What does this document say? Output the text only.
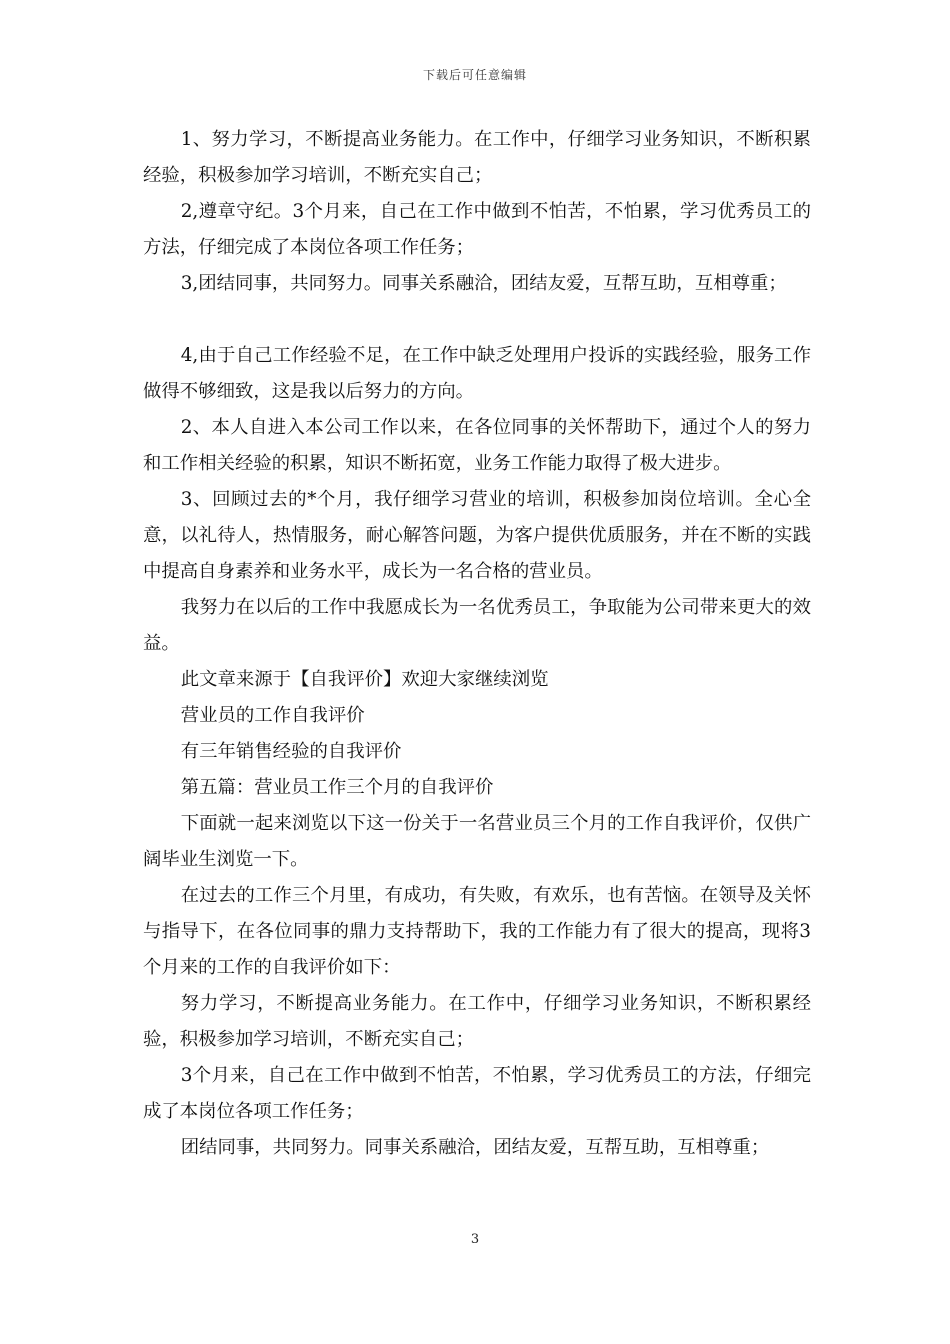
下载后可任意编辑

1、努力学习，不断提高业务能力。在工作中，仔细学习业务知识，不断积累经验，积极参加学习培训，不断充实自己；

2,遵章守纪。3个月来，自己在工作中做到不怕苦，不怕累，学习优秀员工的方法，仔细完成了本岗位各项工作任务；

3,团结同事，共同努力。同事关系融洽，团结友爱，互帮互助，互相尊重；

4,由于自己工作经验不足，在工作中缺乏处理用户投诉的实践经验，服务工作做得不够细致，这是我以后努力的方向。

2、本人自进入本公司工作以来，在各位同事的关怀帮助下，通过个人的努力和工作相关经验的积累，知识不断拓宽，业务工作能力取得了极大进步。

3、回顾过去的*个月，我仔细学习营业的培训，积极参加岗位培训。全心全意，以礼待人，热情服务，耐心解答问题，为客户提供优质服务，并在不断的实践中提高自身素养和业务水平，成长为一名合格的营业员。

我努力在以后的工作中我愿成长为一名优秀员工，争取能为公司带来更大的效益。

此文章来源于【自我评价】欢迎大家继续浏览

营业员的工作自我评价

有三年销售经验的自我评价

第五篇：营业员工作三个月的自我评价

下面就一起来浏览以下这一份关于一名营业员三个月的工作自我评价，仅供广阔毕业生浏览一下。

在过去的工作三个月里，有成功，有失败，有欢乐，也有苦恼。在领导及关怀与指导下，在各位同事的鼎力支持帮助下，我的工作能力有了很大的提高，现将3个月来的工作的自我评价如下：

努力学习，不断提高业务能力。在工作中，仔细学习业务知识，不断积累经验，积极参加学习培训，不断充实自己；

3个月来，自己在工作中做到不怕苦，不怕累，学习优秀员工的方法，仔细完成了本岗位各项工作任务；

团结同事，共同努力。同事关系融洽，团结友爱，互帮互助，互相尊重；

3
